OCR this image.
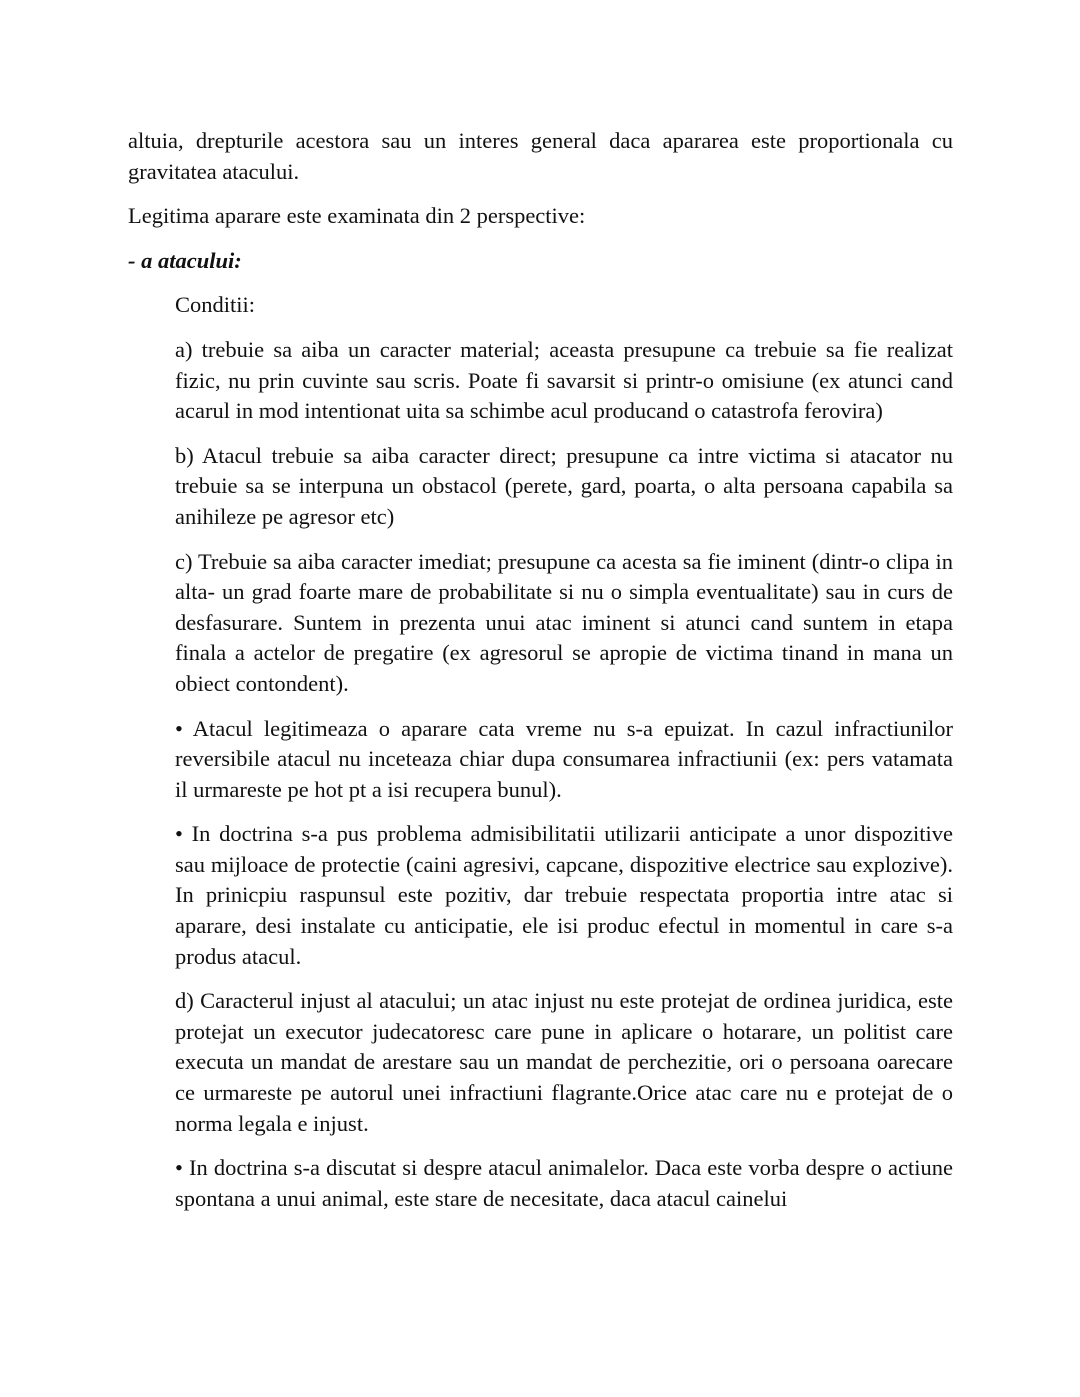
altuia, drepturile acestora sau un interes general daca apararea este proportionala cu gravitatea atacului.

Legitima aparare este examinata din 2 perspective:

- a atacului:

Conditii:

a) trebuie sa aiba un caracter material; aceasta presupune ca trebuie sa fie realizat fizic, nu prin cuvinte sau scris. Poate fi savarsit si printr-o omisiune (ex atunci cand acarul in mod intentionat uita sa schimbe acul producand o catastrofa ferovira)

b) Atacul trebuie sa aiba caracter direct; presupune ca intre victima si atacator nu trebuie sa se interpuna un obstacol (perete, gard, poarta, o alta persoana capabila sa anihileze pe agresor etc)

c) Trebuie sa aiba caracter imediat; presupune ca acesta sa fie iminent (dintr-o clipa in alta- un grad foarte mare de probabilitate si nu o simpla eventualitate) sau in curs de desfasurare. Suntem in prezenta unui atac iminent si atunci cand suntem in etapa finala a actelor de pregatire (ex agresorul se apropie de victima tinand in mana un obiect contondent).

• Atacul legitimeaza o aparare cata vreme nu s-a epuizat. In cazul infractiunilor reversibile atacul nu inceteaza chiar dupa consumarea infractiunii (ex: pers vatamata il urmareste pe hot pt a isi recupera bunul).

• In doctrina s-a pus problema admisibilitatii utilizarii anticipate a unor dispozitive sau mijloace de protectie (caini agresivi, capcane, dispozitive electrice sau explozive). In prinicpiu raspunsul este pozitiv, dar trebuie respectata proportia intre atac si aparare, desi instalate cu anticipatie, ele isi produc efectul in momentul in care s-a produs atacul.

d) Caracterul injust al atacului; un atac injust nu este protejat de ordinea juridica, este protejat un executor judecatoresc care pune in aplicare o hotarare, un politist care executa un mandat de arestare sau un mandat de perchezitie, ori o persoana oarecare ce urmareste pe autorul unei infractiuni flagrante.Orice atac care nu e protejat de o norma legala e injust.

• In doctrina s-a discutat si despre atacul animalelor. Daca este vorba despre o actiune spontana a unui animal, este stare de necesitate, daca atacul cainelui
